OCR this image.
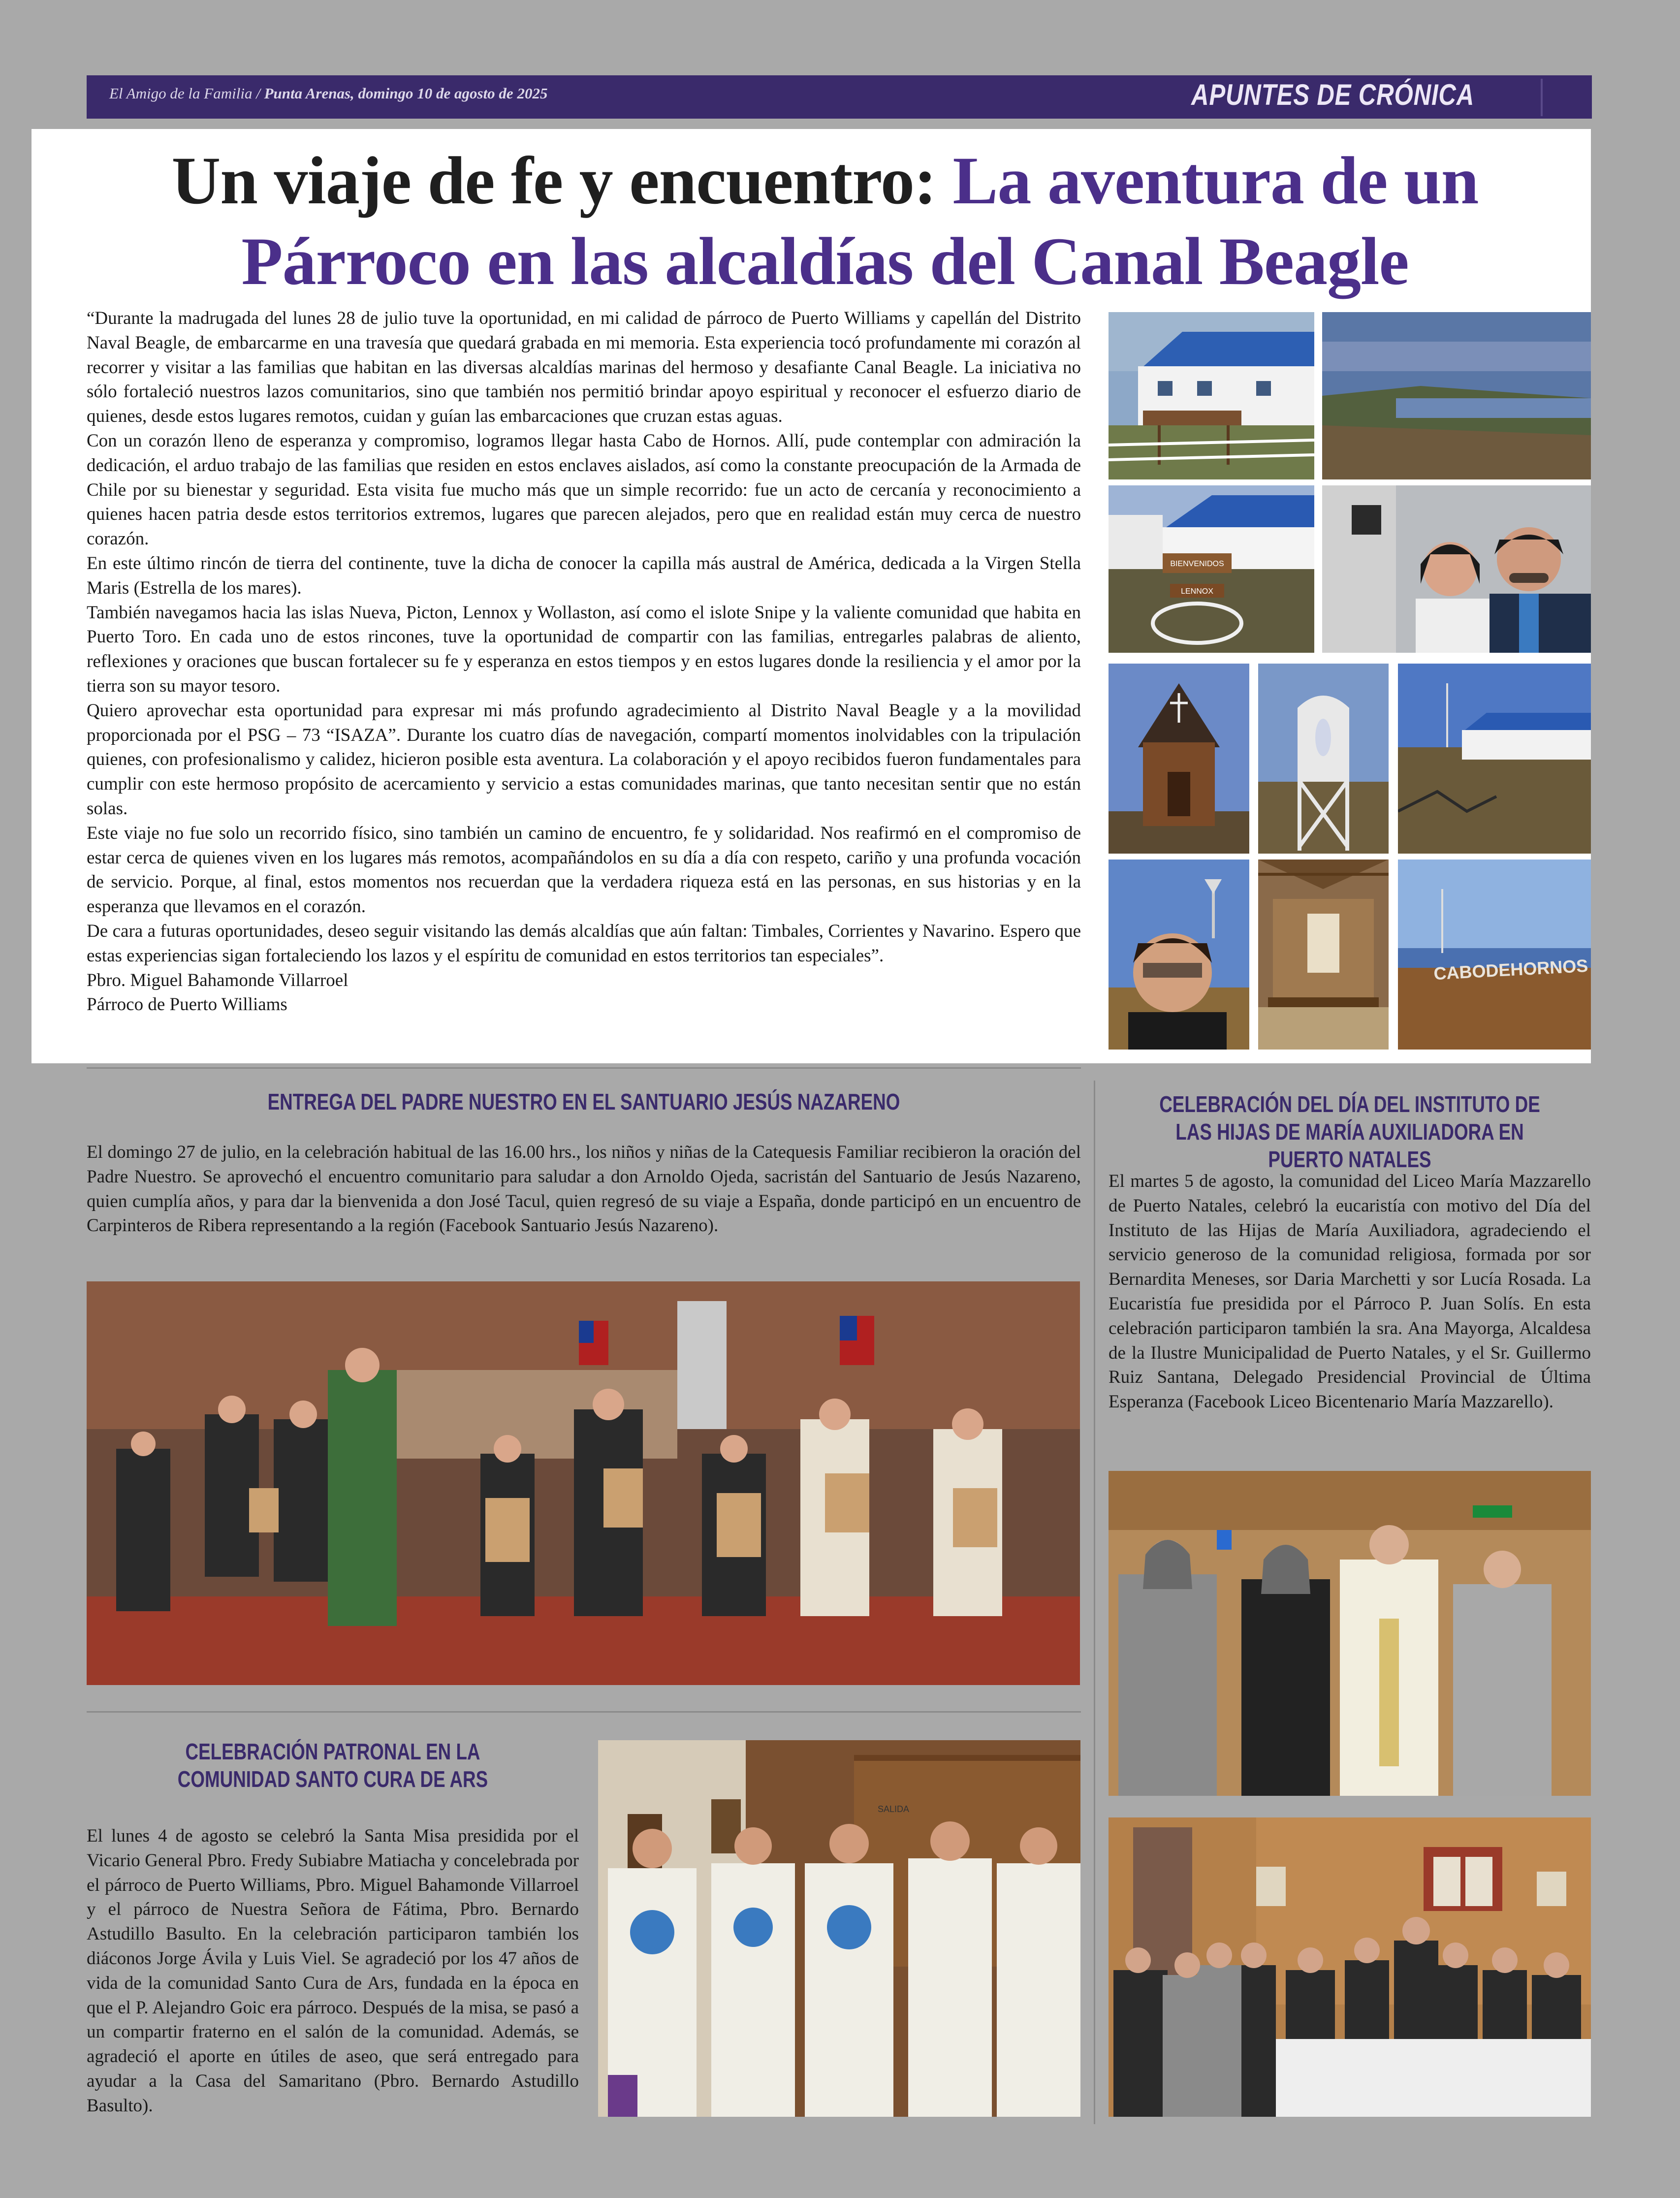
El Amigo de la Familia / Punta Arenas, domingo 10 de agosto de 2025	APUNTES DE CRÓNICA
Un viaje de fe y encuentro: La aventura de un
Párroco en las alcaldías del Canal Beagle

“Durante la madrugada del lunes 28 de julio tuve la oportunidad, en mi calidad de párroco de Puerto Williams y capellán del Distrito Naval Beagle, de embarcarme en una travesía que quedará grabada en mi memoria. Esta experiencia tocó profundamente mi corazón al recorrer y visitar a las familias que habitan en las diversas alcaldías marinas del hermoso y desafiante Canal Beagle. La iniciativa no sólo fortaleció nuestros lazos comunitarios, sino que también nos permitió brindar apoyo espiritual y reconocer el esfuerzo diario de quienes, desde estos lugares remotos, cuidan y guían las embarcaciones que cruzan estas aguas.

Con un corazón lleno de esperanza y compromiso, logramos llegar hasta Cabo de Hornos. Allí, pude contemplar con admiración la dedicación, el arduo trabajo de las familias que residen en estos enclaves aislados, así como la constante preocupación de la Armada de Chile por su bienestar y seguridad. Esta visita fue mucho más que un simple recorrido: fue un acto de cercanía y reconocimiento a quienes hacen patria desde estos territorios extremos, lugares que parecen alejados, pero que en realidad están muy cerca de nuestro corazón.

En este último rincón de tierra del continente, tuve la dicha de conocer la capilla más austral de América, dedicada a la Virgen Stella Maris (Estrella de los mares).

También navegamos hacia las islas Nueva, Picton, Lennox y Wollaston, así como el islote Snipe y la valiente comunidad que habita en Puerto Toro. En cada uno de estos rincones, tuve la oportunidad de compartir con las familias, entregarles palabras de aliento, reflexiones y oraciones que buscan fortalecer su fe y esperanza en estos tiempos y en estos lugares donde la resiliencia y el amor por la tierra son su mayor tesoro.

Quiero aprovechar esta oportunidad para expresar mi más profundo agradecimiento al Distrito Naval Beagle y a la movilidad proporcionada por el PSG – 73 “ISAZA”. Durante los cuatro días de navegación, compartí momentos inolvidables con la tripulación quienes, con profesionalismo y calidez, hicieron posible esta aventura. La colaboración y el apoyo recibidos fueron fundamentales para cumplir con este hermoso propósito de acercamiento y servicio a estas comunidades marinas, que tanto necesitan sentir que no están solas.

Este viaje no fue solo un recorrido físico, sino también un camino de encuentro, fe y solidaridad. Nos reafirmó en el compromiso de estar cerca de quienes viven en los lugares más remotos, acompañándolos en su día a día con respeto, cariño y una profunda vocación de servicio. Porque, al final, estos momentos nos recuerdan que la verdadera riqueza está en las personas, en sus historias y en la esperanza que llevamos en el corazón.

De cara a futuras oportunidades, deseo seguir visitando las demás alcaldías que aún faltan: Timbales, Corrientes y Navarino. Espero que estas experiencias sigan fortaleciendo los lazos y el espíritu de comunidad en estos territorios tan especiales”.

Pbro. Miguel Bahamonde Villarroel

Párroco de Puerto Williams

BIENVENIDOS
LENNOX
CABODEHORNOS
ENTREGA DEL PADRE NUESTRO EN EL SANTUARIO JESÚS NAZARENO
El domingo 27 de julio, en la celebración habitual de las 16.00 hrs., los niños y niñas de la Catequesis Familiar recibieron la oración del Padre Nuestro. Se aprovechó el encuentro comunitario para saludar a don Arnoldo Ojeda, sacristán del Santuario de Jesús Nazareno, quien cumplía años, y para dar la bienvenida a don José Tacul, quien regresó de su viaje a España, donde participó en un encuentro de Carpinteros de Ribera representando a la región (Facebook Santuario Jesús Nazareno).
CELEBRACIÓN PATRONAL EN LA COMUNIDAD SANTO CURA DE ARS
El lunes 4 de agosto se celebró la Santa Misa presidida por el Vicario General Pbro. Fredy Subiabre Matiacha y concelebrada por el párroco de Puerto Williams, Pbro. Miguel Bahamonde Villarroel y el párroco de Nuestra Señora de Fátima, Pbro. Bernardo Astudillo Basulto. En la celebración participaron también los diáconos Jorge Ávila y Luis Viel. Se agradeció por los 47 años de vida de la comunidad Santo Cura de Ars, fundada en la época en que el P. Alejandro Goic era párroco. Después de la misa, se pasó a un compartir fraterno en el salón de la comunidad. Además, se agradeció el aporte en útiles de aseo, que será entregado para ayudar a la Casa del Samaritano (Pbro. Bernardo Astudillo Basulto).
SALIDA
CELEBRACIÓN DEL DÍA DEL INSTITUTO DE LAS HIJAS DE MARÍA AUXILIADORA EN PUERTO NATALES
El martes 5 de agosto, la comunidad del Liceo María Mazzarello de Puerto Natales, celebró la eucaristía con motivo del Día del Instituto de las Hijas de María Auxiliadora, agradeciendo el servicio generoso de la comunidad religiosa, formada por sor Bernardita Meneses, sor Daria Marchetti y sor Lucía Rosada. La Eucaristía fue presidida por el Párroco P. Juan Solís. En esta celebración participaron también la sra. Ana Mayorga, Alcaldesa de la Ilustre Municipalidad de Puerto Natales, y el Sr. Guillermo Ruiz Santana, Delegado Presidencial Provincial de Última Esperanza (Facebook Liceo Bicentenario María Mazzarello).
